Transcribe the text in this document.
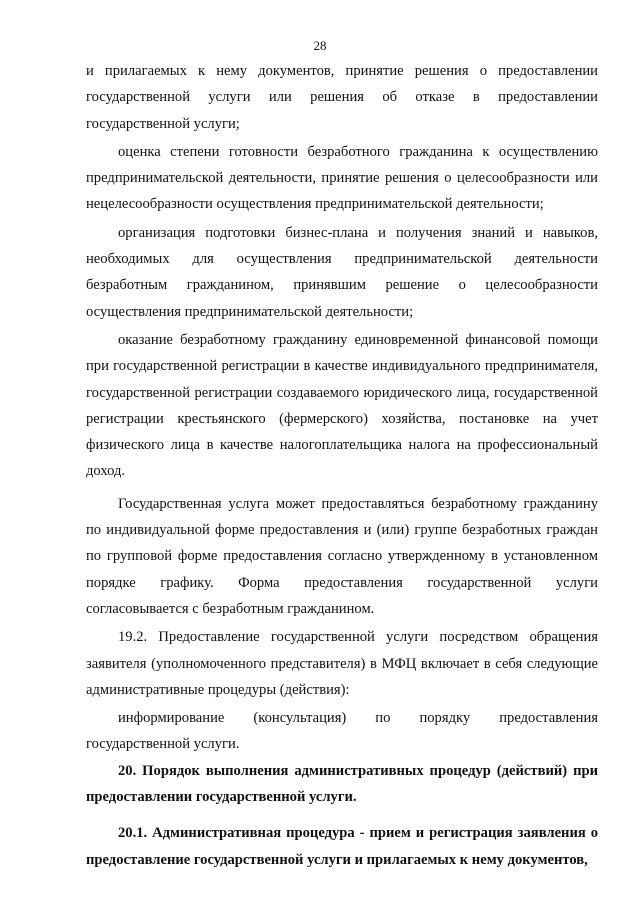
28

и прилагаемых к нему документов, принятие решения о предоставлении государственной услуги или решения об отказе в предоставлении государственной услуги;

оценка степени готовности безработного гражданина к осуществлению предпринимательской деятельности, принятие решения о целесообразности или нецелесообразности осуществления предпринимательской деятельности;

организация подготовки бизнес-плана и получения знаний и навыков, необходимых для осуществления предпринимательской деятельности безработным гражданином, принявшим решение о целесообразности осуществления предпринимательской деятельности;

оказание безработному гражданину единовременной финансовой помощи при государственной регистрации в качестве индивидуального предпринимателя, государственной регистрации создаваемого юридического лица, государственной регистрации крестьянского (фермерского) хозяйства, постановке на учет физического лица в качестве налогоплательщика налога на профессиональный доход.

Государственная услуга может предоставляться безработному гражданину по индивидуальной форме предоставления и (или) группе безработных граждан по групповой форме предоставления согласно утвержденному в установленном порядке графику. Форма предоставления государственной услуги согласовывается с безработным гражданином.

19.2. Предоставление государственной услуги посредством обращения заявителя (уполномоченного представителя) в МФЦ включает в себя следующие административные процедуры (действия):

информирование (консультация) по порядку предоставления государственной услуги.

20. Порядок выполнения административных процедур (действий) при предоставлении государственной услуги.

20.1. Административная процедура - прием и регистрация заявления о предоставление государственной услуги и прилагаемых к нему документов,
